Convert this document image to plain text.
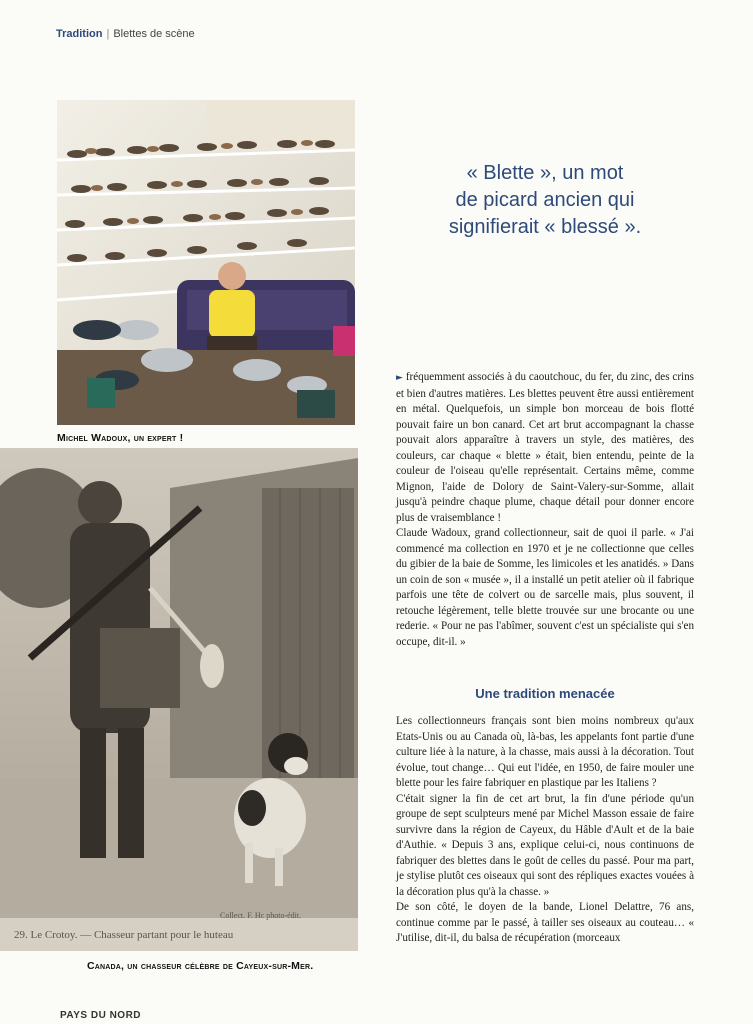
Tradition | Blettes de scène
Michel Wadoux, un expert !
29. Le Crotoy. — Chasseur partant pour le huteau
Collect. F. Hc photo-édit.
Canada, un chasseur célèbre de Cayeux-sur-Mer.

« Blette », un mot

de picard ancien qui

signifierait « blessé ».

► fréquemment associés à du caoutchouc, du fer, du zinc, des crins et bien d'autres matières. Les blettes peuvent être aussi entièrement en métal. Quelquefois, un simple bon morceau de bois flotté pouvait faire un bon canard. Cet art brut accompagnant la chasse pouvait alors apparaître à travers un style, des matières, des couleurs, car chaque « blette » était, bien entendu, peinte de la couleur de l'oiseau qu'elle représentait. Certains même, comme Mignon, l'aide de Dolory de Saint-Valery-sur-Somme, allait jusqu'à peindre chaque plume, chaque détail pour donner encore plus de vraisemblance !

Claude Wadoux, grand collectionneur, sait de quoi il parle. « J'ai commencé ma collection en 1970 et je ne collectionne que celles du gibier de la baie de Somme, les limicoles et les anatidés. » Dans un coin de son « musée », il a installé un petit atelier où il fabrique parfois une tête de colvert ou de sarcelle mais, plus souvent, il retouche légèrement, telle blette trouvée sur une brocante ou une rederie. « Pour ne pas l'abîmer, souvent c'est un spécialiste qui s'en occupe, dit-il. »

Une tradition menacée

Les collectionneurs français sont bien moins nombreux qu'aux Etats-Unis ou au Canada où, là-bas, les appelants font partie d'une culture liée à la nature, à la chasse, mais aussi à la décoration. Tout évolue, tout change… Qui eut l'idée, en 1950, de faire mouler une blette pour les faire fabriquer en plastique par les Italiens ?

C'était signer la fin de cet art brut, la fin d'une période qu'un groupe de sept sculpteurs mené par Michel Masson essaie de faire survivre dans la région de Cayeux, du Hâble d'Ault et de la baie d'Authie. « Depuis 3 ans, explique celui-ci, nous continuons de fabriquer des blettes dans le goût de celles du passé. Pour ma part, je stylise plutôt ces oiseaux qui sont des répliques exactes vouées à la décoration plus qu'à la chasse. »

De son côté, le doyen de la bande, Lionel Delattre, 76 ans, continue comme par le passé, à tailler ses oiseaux au couteau… « J'utilise, dit-il, du balsa de récupération (morceaux

PAYS DU NORD
